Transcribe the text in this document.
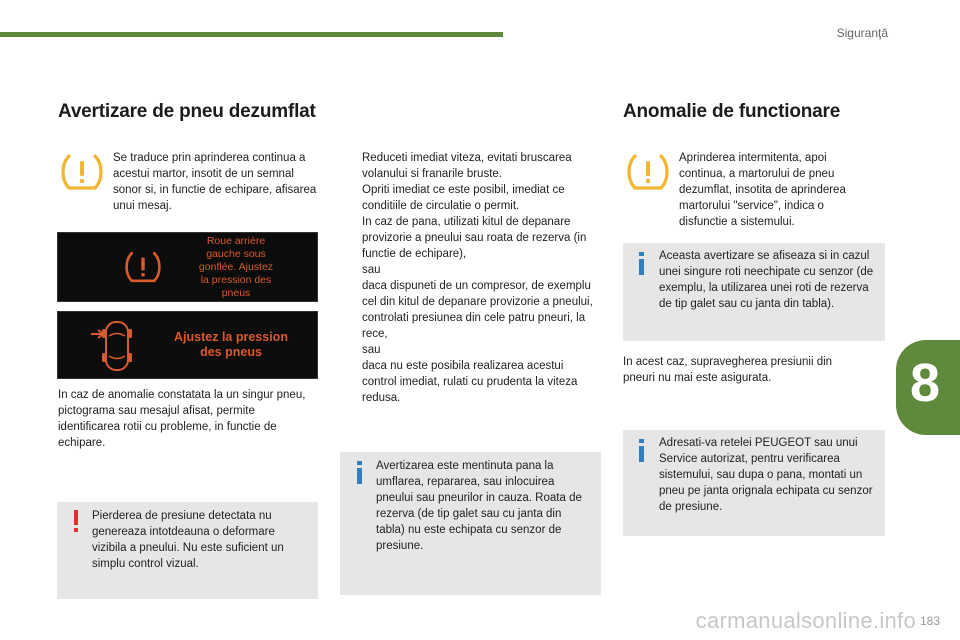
Siguranţă
8
Avertizare de pneu dezumflat
Se traduce prin aprinderea continua a acestui martor, insotit de un semnal sonor si, in functie de echipare, afisarea unui mesaj.
Roue arrière
gauche sous
gonflée. Ajustez
la pression des
pneus
Ajustez la pression
des pneus
In caz de anomalie constatata la un singur pneu, pictograma sau mesajul afisat, permite identificarea rotii cu probleme, in functie de echipare.
Pierderea de presiune detectata nu genereaza intotdeauna o deformare vizibila a pneului. Nu este suficient un simplu control vizual.

Reduceti imediat viteza, evitati bruscarea volanului si franarile bruste.

Opriti imediat ce este posibil, imediat ce conditiile de circulatie o permit.

In caz de pana, utilizati kitul de depanare provizorie a pneului sau roata de rezerva (in functie de echipare),

sau

daca dispuneti de un compresor, de exemplu cel din kitul de depanare provizorie a pneului, controlati presiunea din cele patru pneuri, la rece,

sau

daca nu este posibila realizarea acestui control imediat, rulati cu prudenta la viteza redusa.

Avertizarea este mentinuta pana la umflarea, repararea, sau inlocuirea pneului sau pneurilor in cauza. Roata de rezerva (de tip galet sau cu janta din tabla) nu este echipata cu senzor de presiune.
Anomalie de functionare
Aprinderea intermitenta, apoi continua, a martorului de pneu dezumflat, insotita de aprinderea martorului "service", indica o disfunctie a sistemului.
Aceasta avertizare se afiseaza si in cazul unei singure roti neechipate cu senzor (de exemplu, la utilizarea unei roti de rezerva de tip galet sau cu janta din tabla).
In acest caz, supravegherea presiunii din pneuri nu mai este asigurata.
Adresati-va retelei PEUGEOT sau unui Service autorizat, pentru verificarea sistemului, sau dupa o pana, montati un pneu pe janta orignala echipata cu senzor de presiune.
183
carmanualsonline.info
